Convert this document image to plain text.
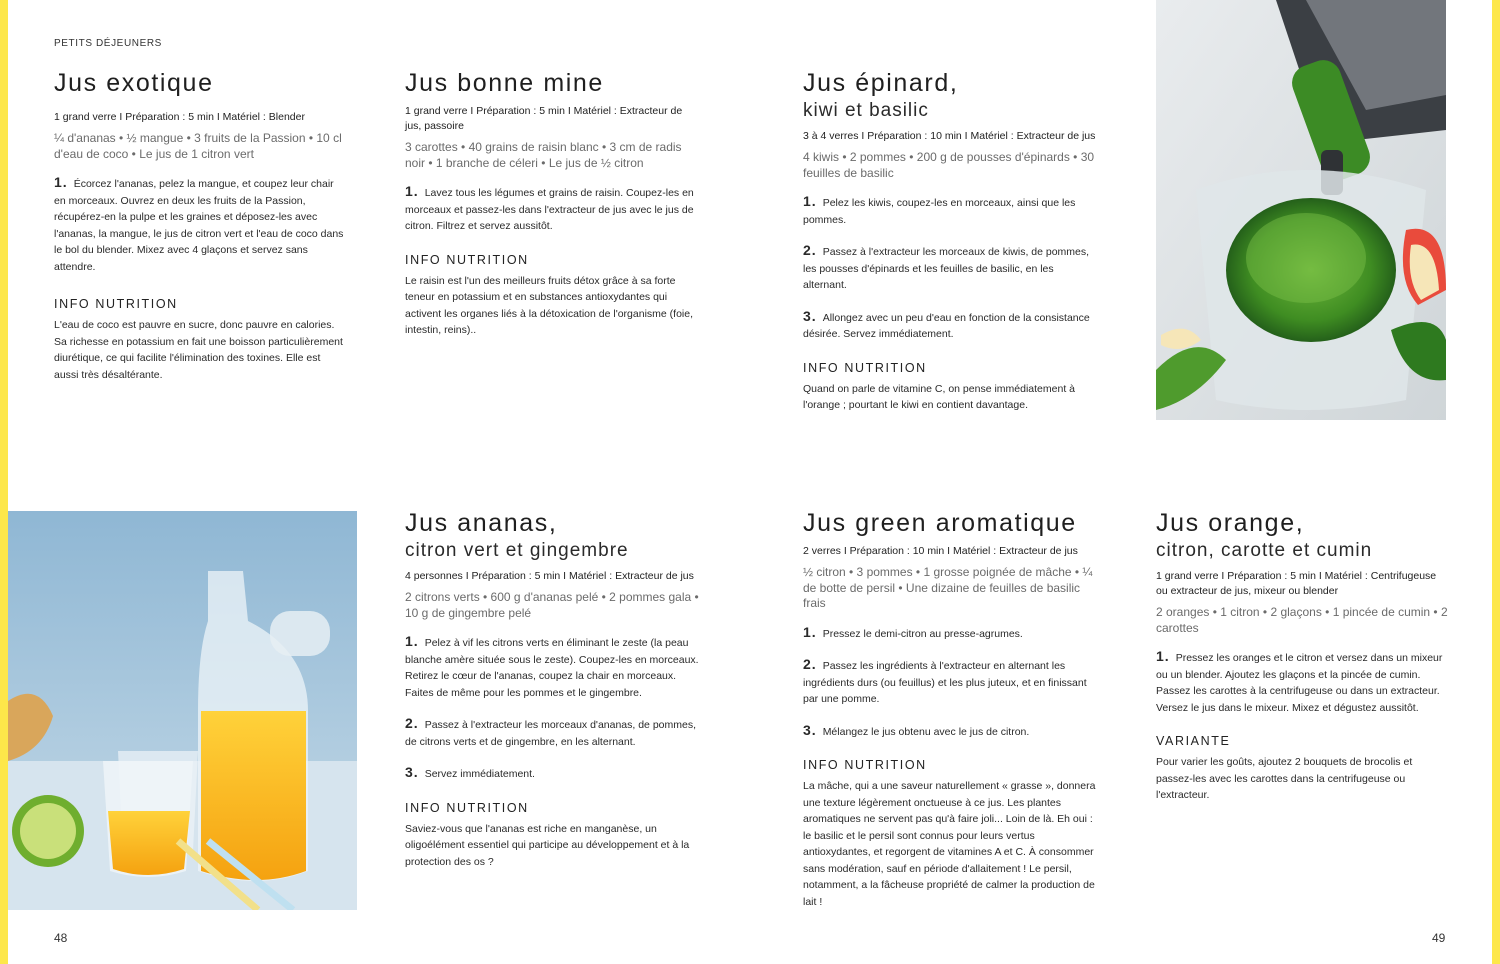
PETITS DÉJEUNERS
Jus exotique
1 grand verre I Préparation : 5 min I Matériel : Blender
¼ d'ananas • ½ mangue • 3 fruits de la Passion • 10 cl d'eau de coco • Le jus de 1 citron vert
1. Écorcez l'ananas, pelez la mangue, et coupez leur chair en morceaux. Ouvrez en deux les fruits de la Passion, récupérez-en la pulpe et les graines et déposez-les avec l'ananas, la mangue, le jus de citron vert et l'eau de coco dans le bol du blender. Mixez avec 4 glaçons et servez sans attendre.
INFO NUTRITION
L'eau de coco est pauvre en sucre, donc pauvre en calories. Sa richesse en potassium en fait une boisson particulièrement diurétique, ce qui facilite l'élimination des toxines. Elle est aussi très désaltérante.
Jus bonne mine
1 grand verre I Préparation : 5 min I Matériel : Extracteur de jus, passoire
3 carottes • 40 grains de raisin blanc • 3 cm de radis noir • 1 branche de céleri • Le jus de ½ citron
1. Lavez tous les légumes et grains de raisin. Coupez-les en morceaux et passez-les dans l'extracteur de jus avec le jus de citron. Filtrez et servez aussitôt.
INFO NUTRITION
Le raisin est l'un des meilleurs fruits détox grâce à sa forte teneur en potassium et en substances antioxydantes qui activent les organes liés à la détoxication de l'organisme (foie, intestin, reins)..
Jus épinard,
kiwi et basilic
3 à 4 verres I Préparation : 10 min I Matériel : Extracteur de jus
4 kiwis • 2 pommes • 200 g de pousses d'épinards • 30 feuilles de basilic
1. Pelez les kiwis, coupez-les en morceaux, ainsi que les pommes.
2. Passez à l'extracteur les morceaux de kiwis, de pommes, les pousses d'épinards et les feuilles de basilic, en les alternant.
3. Allongez avec un peu d'eau en fonction de la consistance désirée. Servez immédiatement.
INFO NUTRITION
Quand on parle de vitamine C, on pense immédiatement à l'orange ; pourtant le kiwi en contient davantage.
Jus ananas,
citron vert et gingembre
4 personnes I Préparation : 5 min I Matériel : Extracteur de jus
2 citrons verts • 600 g d'ananas pelé • 2 pommes gala • 10 g de gingembre pelé
1. Pelez à vif les citrons verts en éliminant le zeste (la peau blanche amère située sous le zeste). Coupez-les en morceaux. Retirez le cœur de l'ananas, coupez la chair en morceaux. Faites de même pour les pommes et le gingembre.
2. Passez à l'extracteur les morceaux d'ananas, de pommes, de citrons verts et de gingembre, en les alternant.
3. Servez immédiatement.
INFO NUTRITION
Saviez-vous que l'ananas est riche en manganèse, un oligoélément essentiel qui participe au développement et à la protection des os ?
Jus green aromatique
2 verres I Préparation : 10 min I Matériel : Extracteur de jus
½ citron • 3 pommes • 1 grosse poignée de mâche • ¼ de botte de persil • Une dizaine de feuilles de basilic frais
1. Pressez le demi-citron au presse-agrumes.
2. Passez les ingrédients à l'extracteur en alternant les ingrédients durs (ou feuillus) et les plus juteux, et en finissant par une pomme.
3. Mélangez le jus obtenu avec le jus de citron.
INFO NUTRITION
La mâche, qui a une saveur naturellement « grasse », donnera une texture légèrement onctueuse à ce jus. Les plantes aromatiques ne servent pas qu'à faire joli... Loin de là. Eh oui : le basilic et le persil sont connus pour leurs vertus antioxydantes, et regorgent de vitamines A et C. À consommer sans modération, sauf en période d'allaitement ! Le persil, notamment, a la fâcheuse propriété de calmer la production de lait !
Jus orange,
citron, carotte et cumin
1 grand verre I Préparation : 5 min I Matériel : Centrifugeuse ou extracteur de jus, mixeur ou blender
2 oranges • 1 citron • 2 glaçons • 1 pincée de cumin • 2 carottes
1. Pressez les oranges et le citron et versez dans un mixeur ou un blender. Ajoutez les glaçons et la pincée de cumin. Passez les carottes à la centrifugeuse ou dans un extracteur. Versez le jus dans le mixeur. Mixez et dégustez aussitôt.
VARIANTE
Pour varier les goûts, ajoutez 2 bouquets de brocolis et passez-les avec les carottes dans la centrifugeuse ou l'extracteur.
48	49
